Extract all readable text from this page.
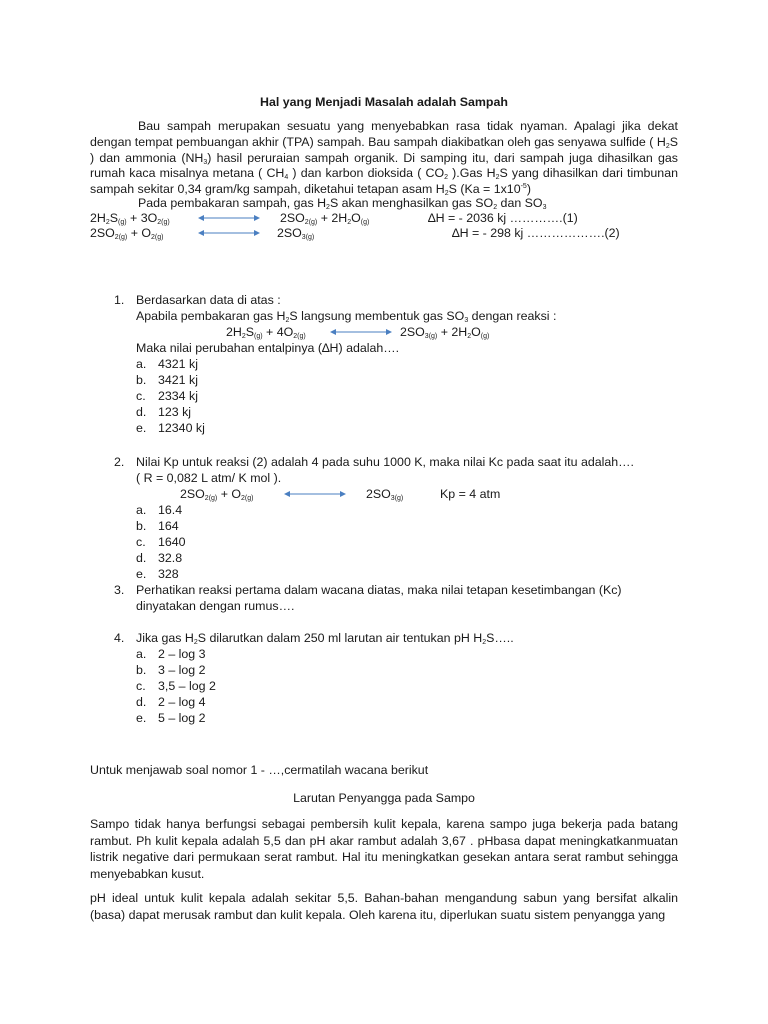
Hal yang Menjadi Masalah adalah Sampah
Bau sampah merupakan sesuatu yang menyebabkan rasa tidak nyaman. Apalagi jika dekat dengan tempat pembuangan akhir (TPA) sampah. Bau sampah diakibatkan oleh gas senyawa sulfide ( $H_2S$ ) dan ammonia $(NH_3)$ hasil peruraian sampah organik. Di samping itu, dari sampah juga dihasilkan gas rumah kaca misalnya metana ( $CH_4$ ) dan karbon dioksida ( $CO_2$ ).Gas $H_2S$ yang dihasilkan dari timbunan sampah sekitar 0,34 gram/kg sampah, diketahui tetapan asam $H_2S$ $(Ka = 1x10^{-5})$
Pada pembakaran sampah, gas $H_2S$ akan menghasilkan gas $SO_2$ dan $SO_3$
$2H_2S_{(g)} + 3O_{2(g)}$	$2SO_{2(g)} + 2H_2O_{(g)}$	∆H = - 2036 kj ………….(1)
$2SO_{2(g)} + O_{2(g)}$	$2SO_{3(g)}$	∆H = - 298 kj ……………….(2)
1. Berdasarkan data di atas :
Apabila pembakaran gas $H_2S$ langsung membentuk gas $SO_3$ dengan reaksi :
$2H_2S_{(g)} + 4O_{2(g)}$	$2SO_{3(g)} + 2H_2O_{(g)}$
Maka nilai perubahan entalpinya (∆H) adalah….
a. 4321 kj
b. 3421 kj
c. 2334 kj
d. 123 kj
e. 12340 kj
2. Nilai Kp untuk reaksi (2) adalah 4 pada suhu 1000 K, maka nilai Kc pada saat itu adalah….
( R = 0,082 L atm/ K mol ).
$2SO_{2(g)} + O_{2(g)}$	$2SO_{3(g)}$	Kp = 4 atm
a. 16.4
b. 164
c. 1640
d. 32.8
e. 328
3. Perhatikan reaksi pertama dalam wacana diatas, maka nilai tetapan kesetimbangan (Kc)
dinyatakan dengan rumus….
4. Jika gas $H_2S$ dilarutkan dalam 250 ml larutan air tentukan pH $H_2S\dots$..
a. 2 – log 3
b. 3 – log 2
c. 3,5 – log 2
d. 2 – log 4
e. 5 – log 2
Untuk menjawab soal nomor 1 - …,cermatilah wacana berikut
Larutan Penyangga pada Sampo
Sampo tidak hanya berfungsi sebagai pembersih kulit kepala, karena sampo juga bekerja pada batang rambut. Ph kulit kepala adalah 5,5 dan pH akar rambut adalah 3,67 . pHbasa dapat meningkatkanmuatan listrik negative dari permukaan serat rambut. Hal itu meningkatkan gesekan antara serat rambut sehingga menyebabkan kusut.
pH ideal untuk kulit kepala adalah sekitar 5,5. Bahan-bahan mengandung sabun yang bersifat alkalin (basa) dapat merusak rambut dan kulit kepala. Oleh karena itu, diperlukan suatu sistem penyangga yang
